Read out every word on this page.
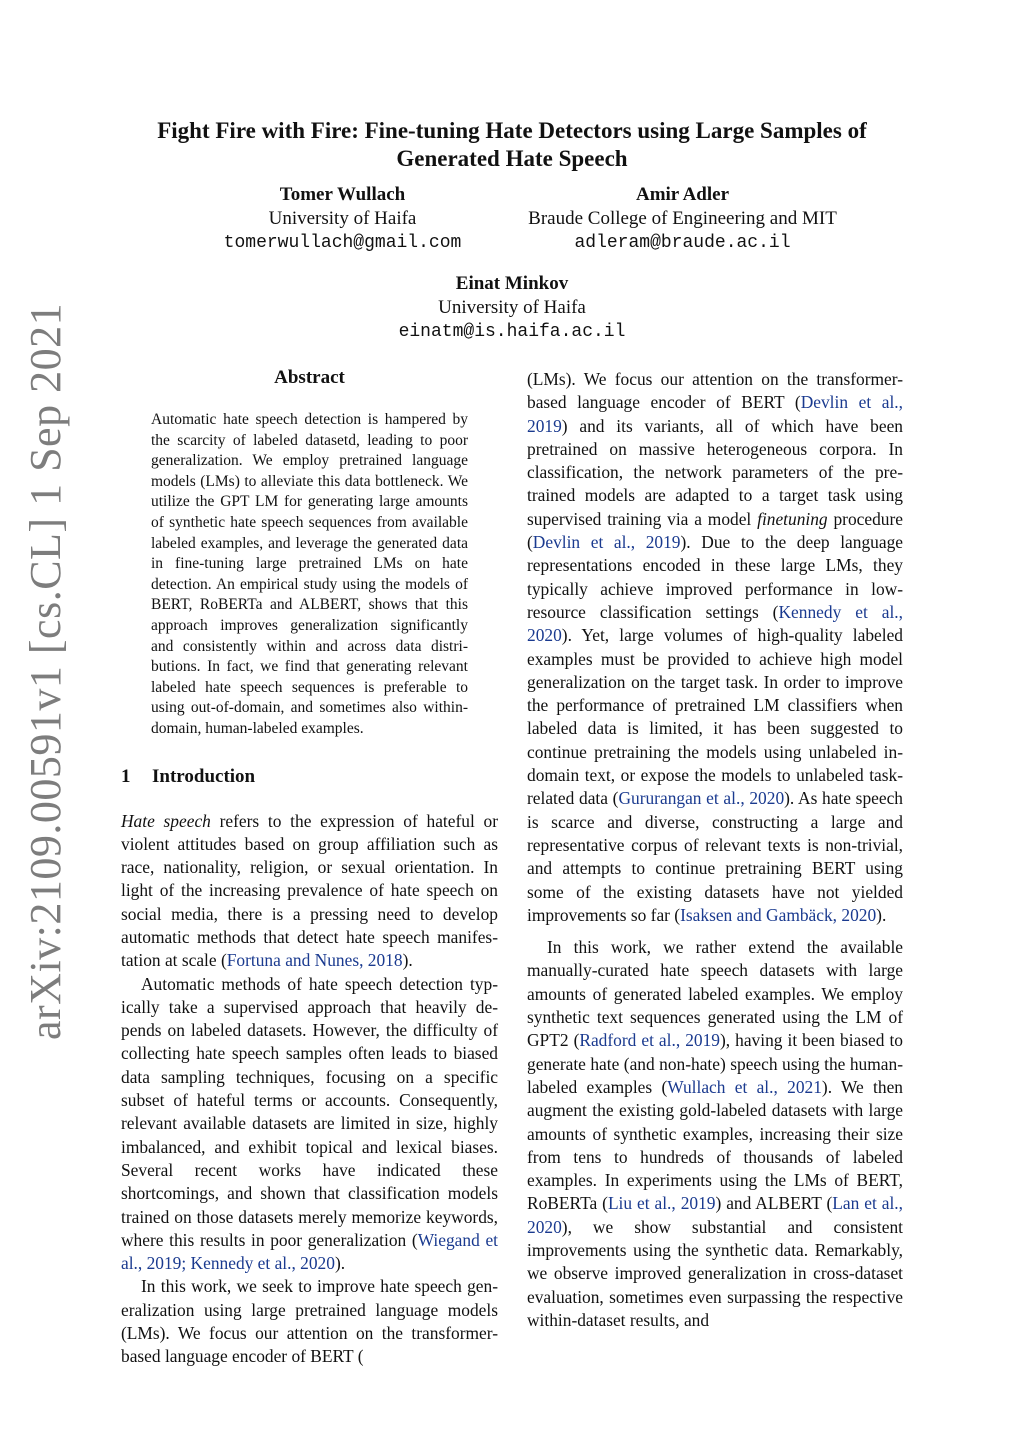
arXiv:2109.00591v1 [cs.CL] 1 Sep 2021
Fight Fire with Fire: Fine-tuning Hate Detectors using Large Samples of Generated Hate Speech
Tomer Wullach
University of Haifa
tomerwullach@gmail.com
Amir Adler
Braude College of Engineering and MIT
adleram@braude.ac.il
Einat Minkov
University of Haifa
einatm@is.haifa.ac.il
Abstract
Automatic hate speech detection is hampered by the scarcity of labeled datasetd, leading to poor generalization. We employ pretrained language models (LMs) to alleviate this data bottleneck. We utilize the GPT LM for generating large amounts of synthetic hate speech sequences from available labeled examples, and leverage the generated data in fine-tuning large pretrained LMs on hate detection. An empirical study using the models of BERT, RoBERTa and ALBERT, shows that this approach improves generalization significantly and consistently within and across data distributions. In fact, we find that generating relevant labeled hate speech sequences is preferable to using out-of-domain, and sometimes also within-domain, human-labeled examples.
1 Introduction

Hate speech refers to the expression of hateful or violent attitudes based on group affiliation such as race, nationality, religion, or sexual orientation. In light of the increasing prevalence of hate speech on social media, there is a pressing need to develop automatic methods that detect hate speech manifestation at scale (Fortuna and Nunes, 2018).

Automatic methods of hate speech detection typically take a supervised approach that heavily depends on labeled datasets. However, the difficulty of collecting hate speech samples often leads to biased data sampling techniques, focusing on a specific subset of hateful terms or accounts. Consequently, relevant available datasets are limited in size, highly imbalanced, and exhibit topical and lexical biases. Several recent works have indicated these shortcomings, and shown that classification models trained on those datasets merely memorize keywords, where this results in poor generalization (Wiegand et al., 2019; Kennedy et al., 2020).

In this work, we seek to improve hate speech generalization using large pretrained language models (LMs). We focus our attention on the transformer-based language encoder of BERT (

(LMs). We focus our attention on the transformer-based language encoder of BERT (Devlin et al., 2019) and its variants, all of which have been pretrained on massive heterogeneous corpora. In classification, the network parameters of the pretrained models are adapted to a target task using supervised training via a model finetuning procedure (Devlin et al., 2019). Due to the deep language representations encoded in these large LMs, they typically achieve improved performance in low-resource classification settings (Kennedy et al., 2020). Yet, large volumes of high-quality labeled examples must be provided to achieve high model generalization on the target task. In order to improve the performance of pretrained LM classifiers when labeled data is limited, it has been suggested to continue pretraining the models using unlabeled in-domain text, or expose the models to unlabeled task-related data (Gururangan et al., 2020). As hate speech is scarce and diverse, constructing a large and representative corpus of relevant texts is non-trivial, and attempts to continue pretraining BERT using some of the existing datasets have not yielded improvements so far (Isaksen and Gambäck, 2020).

In this work, we rather extend the available manually-curated hate speech datasets with large amounts of generated labeled examples. We employ synthetic text sequences generated using the LM of GPT2 (Radford et al., 2019), having it been biased to generate hate (and non-hate) speech using the human-labeled examples (Wullach et al., 2021). We then augment the existing gold-labeled datasets with large amounts of synthetic examples, increasing their size from tens to hundreds of thousands of labeled examples. In experiments using the LMs of BERT, RoBERTa (Liu et al., 2019) and ALBERT (Lan et al., 2020), we show substantial and consistent improvements using the synthetic data. Remarkably, we observe improved generalization in cross-dataset evaluation, sometimes even surpassing the respective within-dataset results, and
